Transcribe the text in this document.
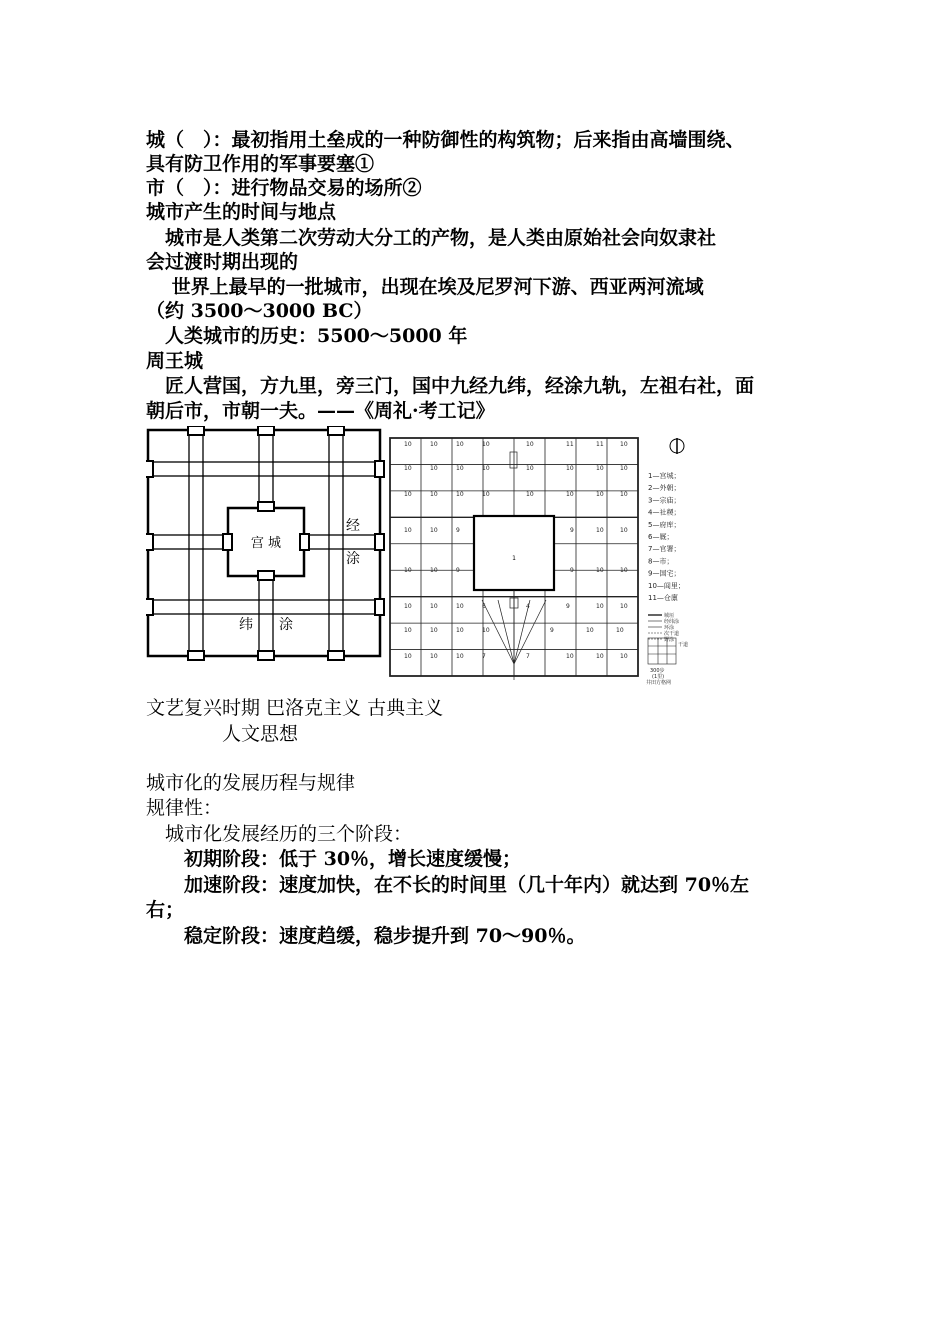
城（　）：最初指用土垒成的一种防御性的构筑物；后来指由高墙围绕、
具有防卫作用的军事要塞①
市（　）：进行物品交易的场所②
城市产生的时间与地点
　城市是人类第二次劳动大分工的产物，是人类由原始社会向奴隶社
会过渡时期出现的
　 世界上最早的一批城市，出现在埃及尼罗河下游、西亚两河流域
（约 3500～3000 BC）
　人类城市的历史：5500～5000 年
周王城
　匠人营国，方九里，旁三门，国中九经九纬，经涂九轨，左祖右社，面
朝后市，市朝一夫。——《周礼·考工记》
宫 城
经
涂
纬 涂
10	10	10	10	10	11	11	10
10	10	10	10	10	10	10	10
10	10	10	10	10	10	10	10
10	10	9	9	10	10
10	10	9	9	10	10
10	10	10	6	4	9	10	10
10	10	10	10	9	10	10
10	10	10	7	7	10	10	10
1
1—宫城；
2—外朝；
3—宗庙；
4—社稷；
5—府库；
6—厩；
7—官署；
8—市；
9—国宅；
10—闾里；
11—仓廪
城垣
经纬涂
环涂
次干道
野涂
干道
300步
(1里)
井田方格网
文艺复兴时期 巴洛克主义 古典主义
　　　　人文思想
城市化的发展历程与规律
规律性：
　城市化发展经历的三个阶段：
　　初期阶段：低于 30％，增长速度缓慢；
　　加速阶段：速度加快，在不长的时间里（几十年内）就达到 70％左
右；
　　稳定阶段：速度趋缓，稳步提升到 70～90％。
